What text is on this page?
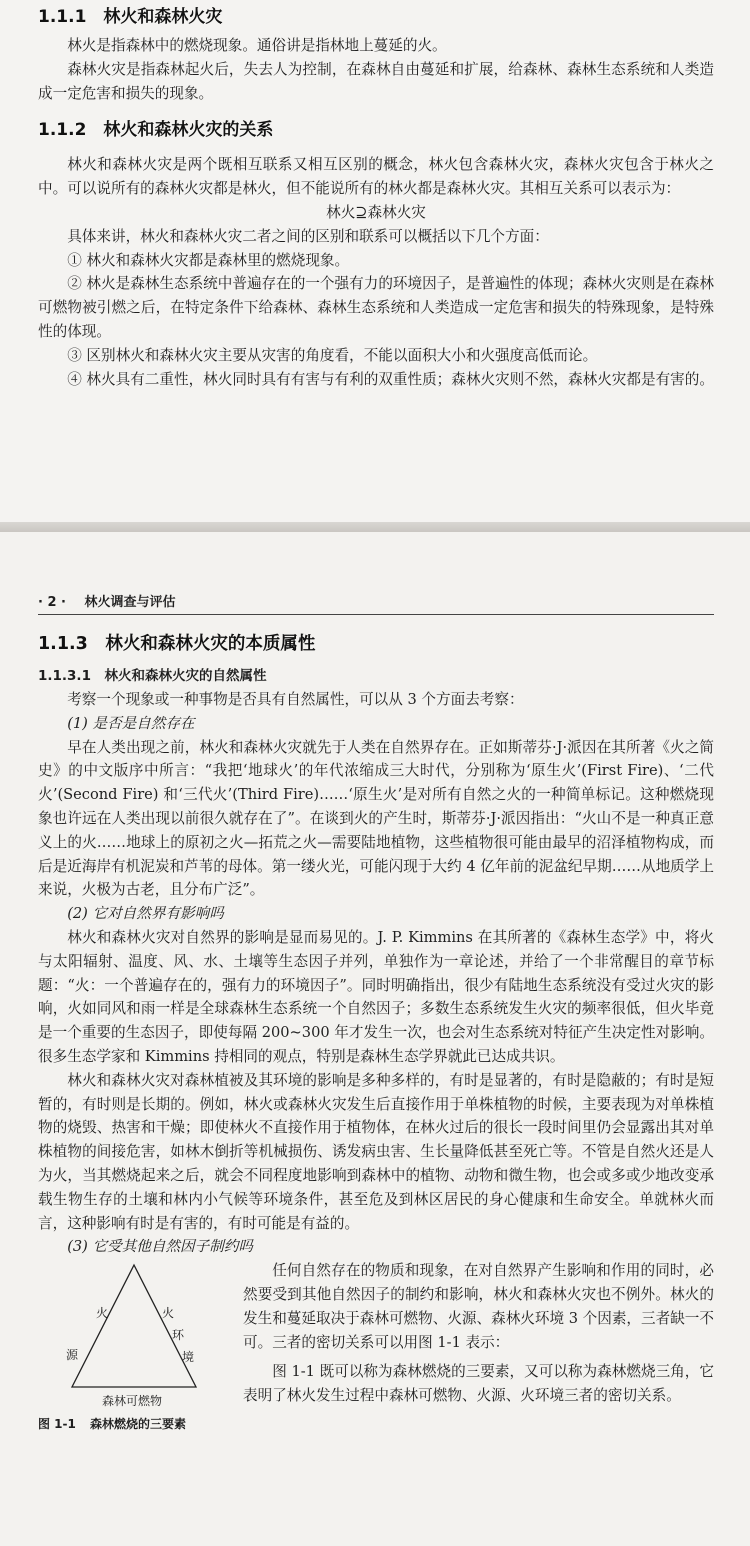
1.1.1　林火和森林火灾

林火是指森林中的燃烧现象。通俗讲是指林地上蔓延的火。

森林火灾是指森林起火后，失去人为控制，在森林自由蔓延和扩展，给森林、森林生态系统和人类造成一定危害和损失的现象。

1.1.2　林火和森林火灾的关系

林火和森林火灾是两个既相互联系又相互区别的概念，林火包含森林火灾，森林火灾包含于林火之中。可以说所有的森林火灾都是林火，但不能说所有的林火都是森林火灾。其相互关系可以表示为：

林火⊇森林火灾

具体来讲，林火和森林火灾二者之间的区别和联系可以概括以下几个方面：

① 林火和森林火灾都是森林里的燃烧现象。

② 林火是森林生态系统中普遍存在的一个强有力的环境因子，是普遍性的体现；森林火灾则是在森林可燃物被引燃之后，在特定条件下给森林、森林生态系统和人类造成一定危害和损失的特殊现象，是特殊性的体现。

③ 区别林火和森林火灾主要从灾害的角度看，不能以面积大小和火强度高低而论。

④ 林火具有二重性，林火同时具有有害与有利的双重性质；森林火灾则不然，森林火灾都是有害的。

· 2 · 林火调查与评估
1.1.3　林火和森林火灾的本质属性
1.1.3.1　林火和森林火灾的自然属性

考察一个现象或一种事物是否具有自然属性，可以从 3 个方面去考察：

(1) 是否是自然存在

早在人类出现之前，林火和森林火灾就先于人类在自然界存在。正如斯蒂芬·J·派因在其所著《火之简史》的中文版序中所言：“我把‘地球火’的年代浓缩成三大时代，分别称为‘原生火’(First Fire)、‘二代火’(Second Fire) 和‘三代火’(Third Fire)……‘原生火’是对所有自然之火的一种简单标记。这种燃烧现象也许远在人类出现以前很久就存在了”。在谈到火的产生时，斯蒂芬·J·派因指出：“火山不是一种真正意义上的火……地球上的原初之火—拓荒之火—需要陆地植物，这些植物很可能由最早的沼泽植物构成，而后是近海岸有机泥炭和芦苇的母体。第一缕火光，可能闪现于大约 4 亿年前的泥盆纪早期……从地质学上来说，火极为古老，且分布广泛”。

(2) 它对自然界有影响吗

林火和森林火灾对自然界的影响是显而易见的。J. P. Kimmins 在其所著的《森林生态学》中，将火与太阳辐射、温度、风、水、土壤等生态因子并列，单独作为一章论述，并给了一个非常醒目的章节标题：“火：一个普遍存在的，强有力的环境因子”。同时明确指出，很少有陆地生态系统没有受过火灾的影响，火如同风和雨一样是全球森林生态系统一个自然因子；多数生态系统发生火灾的频率很低，但火毕竟是一个重要的生态因子，即使每隔 200~300 年才发生一次，也会对生态系统对特征产生决定性对影响。很多生态学家和 Kimmins 持相同的观点，特别是森林生态学界就此已达成共识。

林火和森林火灾对森林植被及其环境的影响是多种多样的，有时是显著的，有时是隐蔽的；有时是短暂的，有时则是长期的。例如，林火或森林火灾发生后直接作用于单株植物的时候，主要表现为对单株植物的烧毁、热害和干燥；即使林火不直接作用于植物体，在林火过后的很长一段时间里仍会显露出其对单株植物的间接危害，如林木倒折等机械损伤、诱发病虫害、生长量降低甚至死亡等。不管是自然火还是人为火，当其燃烧起来之后，就会不同程度地影响到森林中的植物、动物和微生物，也会或多或少地改变承载生物生存的土壤和林内小气候等环境条件，甚至危及到林区居民的身心健康和生命安全。单就林火而言，这种影响有时是有害的，有时可能是有益的。

(3) 它受其他自然因子制约吗

火
源
火
环
境
森林可燃物
图 1-1 森林燃烧的三要素

任何自然存在的物质和现象，在对自然界产生影响和作用的同时，必然要受到其他自然因子的制约和影响，林火和森林火灾也不例外。林火的发生和蔓延取决于森林可燃物、火源、森林火环境 3 个因素，三者缺一不可。三者的密切关系可以用图 1-1 表示：

图 1-1 既可以称为森林燃烧的三要素，又可以称为森林燃烧三角，它表明了林火发生过程中森林可燃物、火源、火环境三者的密切关系。
